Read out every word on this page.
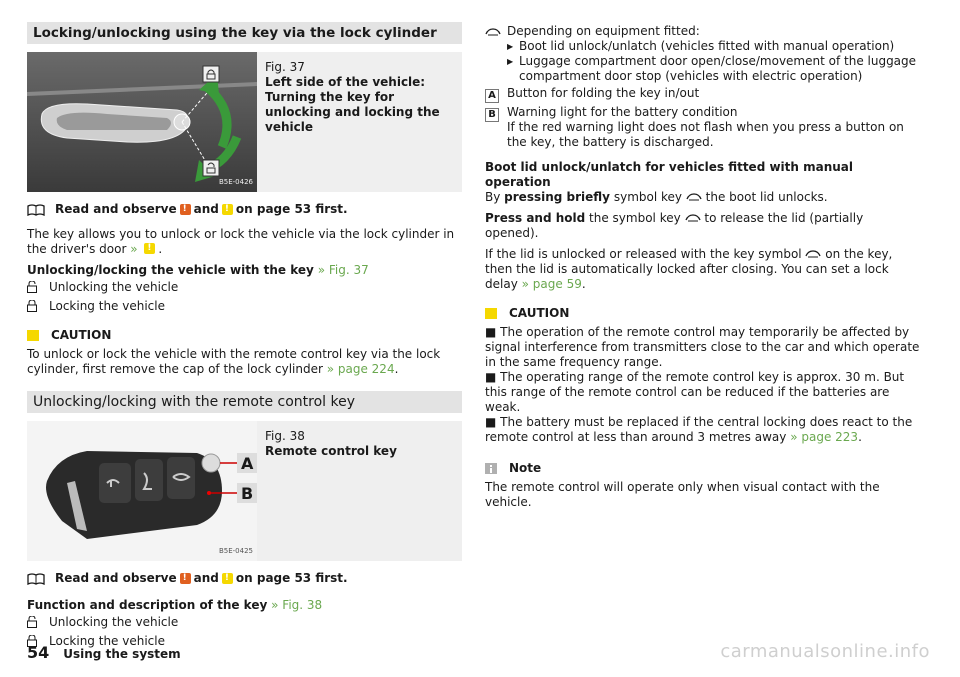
Locking/unlocking using the key via the lock cylinder
B5E-0426
Fig. 37
Left side of the vehicle: Turning the key for unlocking and locking the vehicle
Read and observe ! and ! on page 53 first.

The key allows you to unlock or lock the vehicle via the lock cylinder in the driver's door » ! .

Unlocking/locking the vehicle with the key » Fig. 37

Unlocking the vehicle
Locking the vehicle
CAUTION

To unlock or lock the vehicle with the remote control key via the lock cylinder, first remove the cap of the lock cylinder » page 224.

Unlocking/locking with the remote control key
A
B
B5E-0425
Fig. 38
Remote control key
Read and observe ! and ! on page 53 first.

Function and description of the key » Fig. 38

Unlocking the vehicle
Locking the vehicle
Depending on equipment fitted:
▶ Boot lid unlock/unlatch (vehicles fitted with manual operation)
▶ Luggage compartment door open/close/movement of the luggage compartment door stop (vehicles with electric operation)
A Button for folding the key in/out
B Warning light for the battery condition
If the red warning light does not flash when you press a button on the key, the battery is discharged.

Boot lid unlock/unlatch for vehicles fitted with manual operation
By pressing briefly symbol key the boot lid unlocks.

Press and hold the symbol key to release the lid (partially opened).

If the lid is unlocked or released with the key symbol on the key, then the lid is automatically locked after closing. You can set a lock delay » page 59.

CAUTION

■ The operation of the remote control may temporarily be affected by signal interference from transmitters close to the car and which operate in the same frequency range.

■ The operating range of the remote control key is approx. 30 m. But this range of the remote control can be reduced if the batteries are weak.

■ The battery must be replaced if the central locking does react to the remote control at less than around 3 metres away » page 223.

Note

The remote control will operate only when visual contact with the vehicle.

54 Using the system	carmanualsonline.info
